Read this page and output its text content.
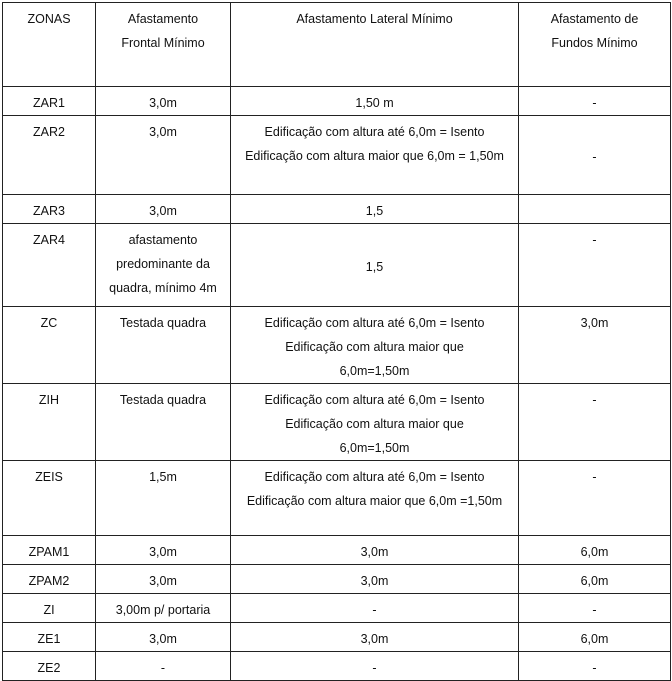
ZONAS	Afastamento Frontal Mínimo	Afastamento Lateral Mínimo	Afastamento de Fundos Mínimo
ZAR1	3,0m	1,50 m	-
ZAR2	3,0m	Edificação com altura até 6,0m = Isento Edificação com altura maior que 6,0m = 1,50m	-
ZAR3	3,0m	1,5	
ZAR4	afastamento predominante da quadra, mínimo 4m	1,5	-
ZC	Testada quadra	Edificação com altura até 6,0m = Isento Edificação com altura maior que 6,0m=1,50m	3,0m
ZIH	Testada quadra	Edificação com altura até 6,0m = Isento Edificação com altura maior que 6,0m=1,50m	-
ZEIS	1,5m	Edificação com altura até 6,0m = Isento Edificação com altura maior que 6,0m =1,50m	-
ZPAM1	3,0m	3,0m	6,0m
ZPAM2	3,0m	3,0m	6,0m
ZI	3,00m p/ portaria	-	-
ZE1	3,0m	3,0m	6,0m
ZE2	-	-	-
